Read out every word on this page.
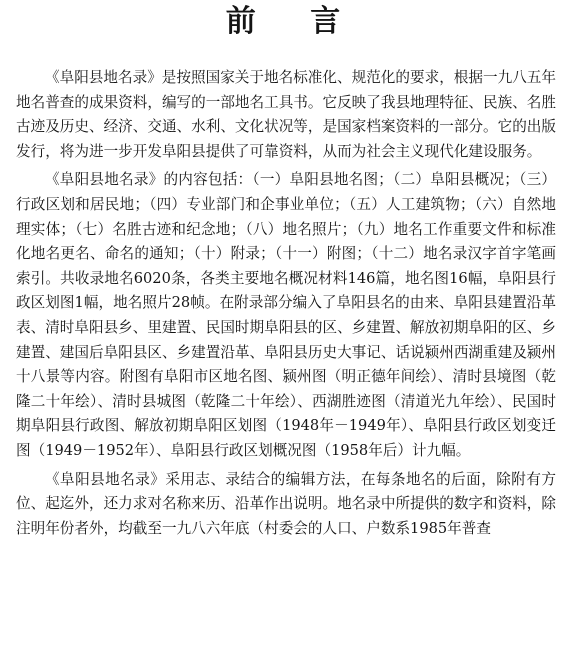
前 言

《阜阳县地名录》是按照国家关于地名标准化、规范化的要求，根据一九八五年地名普查的成果资料，编写的一部地名工具书。它反映了我县地理特征、民族、名胜古迹及历史、经济、交通、水利、文化状况等，是国家档案资料的一部分。它的出版发行，将为进一步开发阜阳县提供了可靠资料，从而为社会主义现代化建设服务。

《阜阳县地名录》的内容包括：（一）阜阳县地名图；（二）阜阳县概况；（三）行政区划和居民地；（四）专业部门和企事业单位；（五）人工建筑物；（六）自然地理实体；（七）名胜古迹和纪念地；（八）地名照片；（九）地名工作重要文件和标准化地名更名、命名的通知；（十）附录；（十一）附图；（十二）地名录汉字首字笔画索引。共收录地名6020条，各类主要地名概况材料146篇，地名图16幅，阜阳县行政区划图1幅，地名照片28帧。在附录部分编入了阜阳县名的由来、阜阳县建置沿革表、清时阜阳县乡、里建置、民国时期阜阳县的区、乡建置、解放初期阜阳的区、乡建置、建国后阜阳县区、乡建置沿革、阜阳县历史大事记、话说颍州西湖重建及颍州十八景等内容。附图有阜阳市区地名图、颍州图（明正德年间绘）、清时县境图（乾隆二十年绘）、清时县城图（乾隆二十年绘）、西湖胜迹图（清道光九年绘）、民国时期阜阳县行政图、解放初期阜阳区划图（1948年－1949年）、阜阳县行政区划变迁图（1949－1952年）、阜阳县行政区划概况图（1958年后）计九幅。

《阜阳县地名录》采用志、录结合的编辑方法，在每条地名的后面，除附有方位、起迄外，还力求对名称来历、沿革作出说明。地名录中所提供的数字和资料，除注明年份者外，均截至一九八六年底（村委会的人口、户数系1985年普查
